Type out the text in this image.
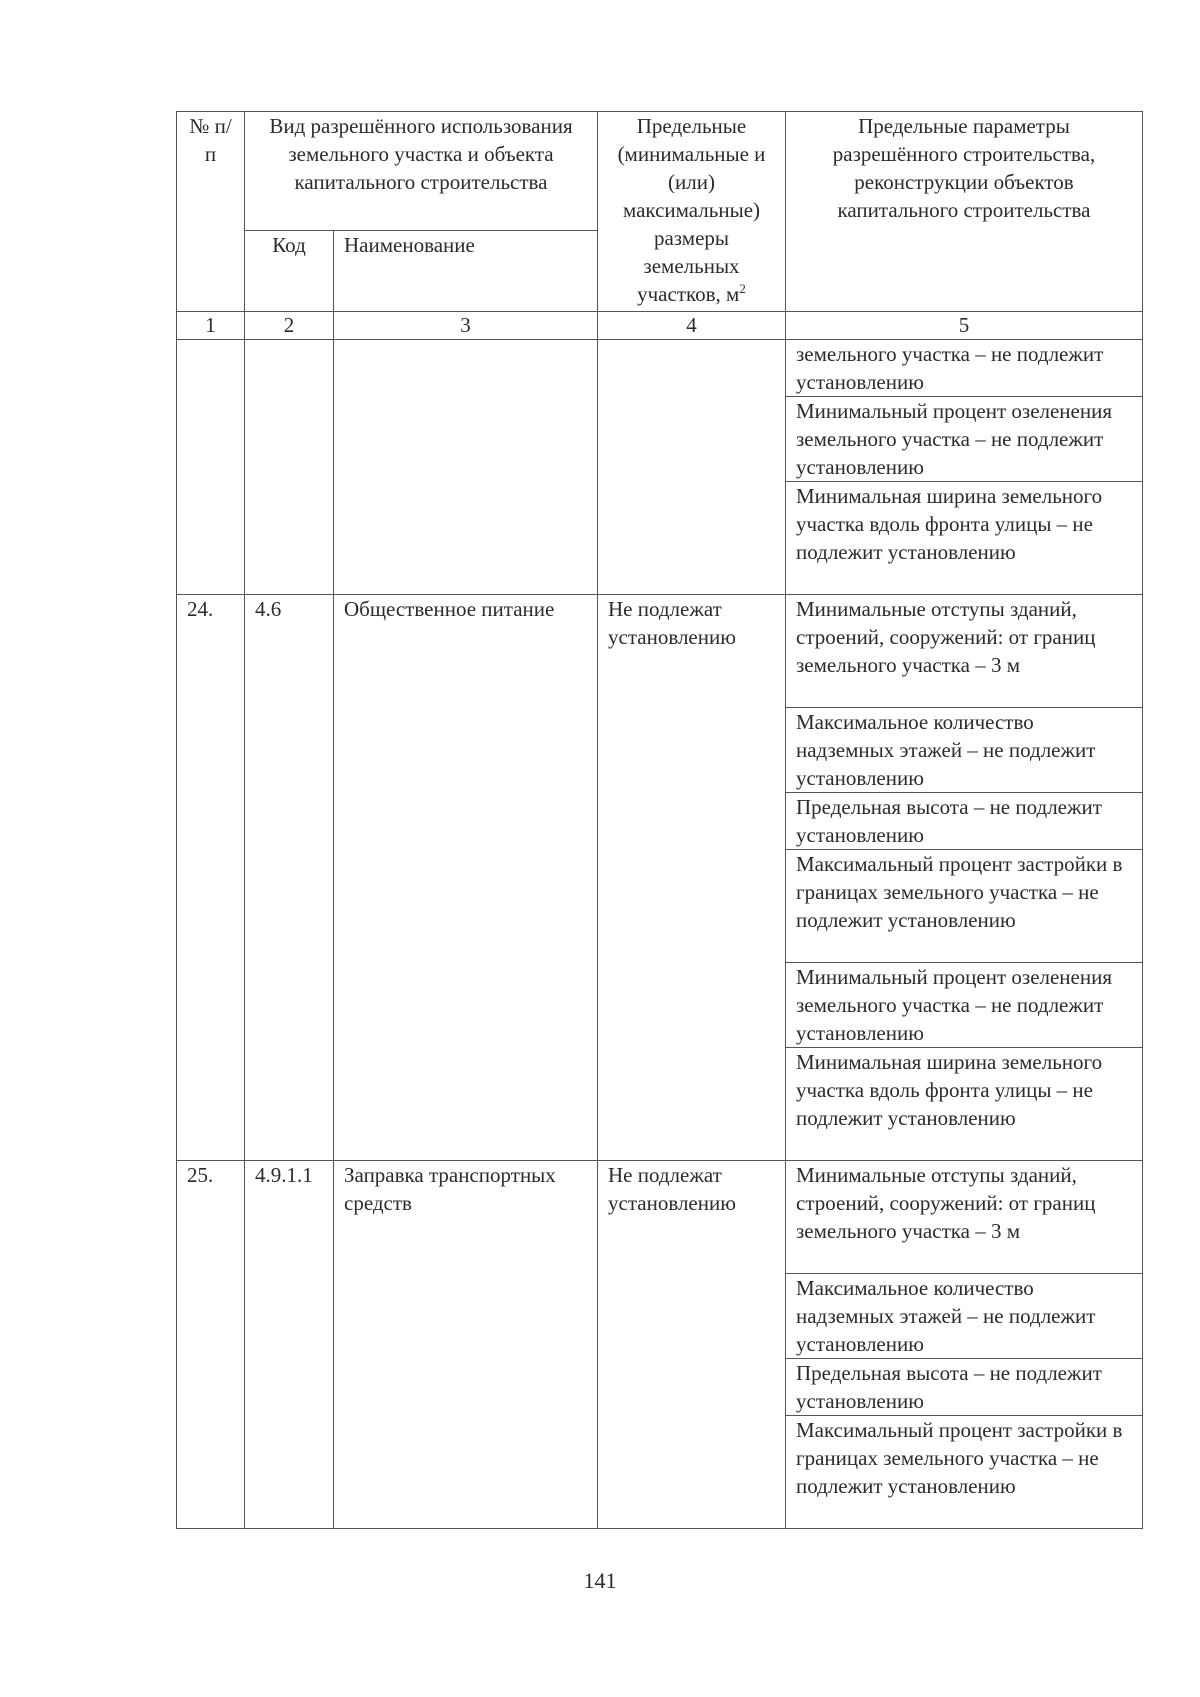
№ п/п	Вид разрешённого использования земельного участка и объекта капитального строительства		Предельные (минимальные и (или) максимальные) размеры земельных участков, $м^2$	Предельные параметры разрешённого строительства, реконструкции объектов капитального строительства
	Код	Наименование		
1	2	3	4	5
				земельного участка – не подлежит установлению
				Минимальный процент озеленения земельного участка – не подлежит установлению
				Минимальная ширина земельного участка вдоль фронта улицы – не подлежит установлению
24.	4.6	Общественное питание	Не подлежат установлению	Минимальные отступы зданий, строений, сооружений: от границ земельного участка – 3 м
				Максимальное количество надземных этажей – не подлежит установлению
				Предельная высота – не подлежит установлению
				Максимальный процент застройки в границах земельного участка – не подлежит установлению
				Минимальный процент озеленения земельного участка – не подлежит установлению
				Минимальная ширина земельного участка вдоль фронта улицы – не подлежит установлению
25.	4.9.1.1	Заправка транспортных средств	Не подлежат установлению	Минимальные отступы зданий, строений, сооружений: от границ земельного участка – 3 м
				Максимальное количество надземных этажей – не подлежит установлению
				Предельная высота – не подлежит установлению
				Максимальный процент застройки в границах земельного участка – не подлежит установлению
141
